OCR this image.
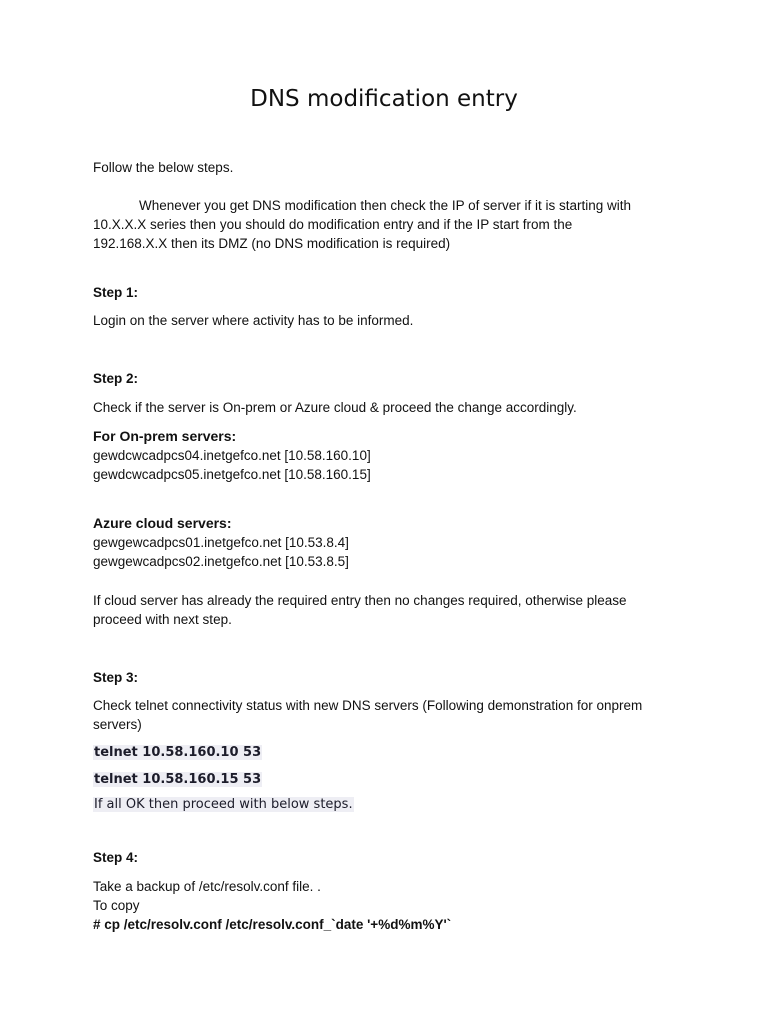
DNS modification entry
Follow the below steps.
Whenever you get DNS modification then check the IP of server if it is starting with
10.X.X.X series then you should do modification entry and if the IP start from the
192.168.X.X then its DMZ (no DNS modification is required)
Step 1:
Login on the server where activity has to be informed.
Step 2:
Check if the server is On-prem or Azure cloud & proceed the change accordingly.
For On-prem servers:
gewdcwcadpcs04.inetgefco.net [10.58.160.10]
gewdcwcadpcs05.inetgefco.net [10.58.160.15]
Azure cloud servers:
gewgewcadpcs01.inetgefco.net [10.53.8.4]
gewgewcadpcs02.inetgefco.net [10.53.8.5]
If cloud server has already the required entry then no changes required, otherwise please
proceed with next step.
Step 3:
Check telnet connectivity status with new DNS servers (Following demonstration for onprem
servers)
telnet 10.58.160.10 53
telnet 10.58.160.15 53
If all OK then proceed with below steps.
Step 4:
Take a backup of /etc/resolv.conf file. .
To copy
# cp /etc/resolv.conf /etc/resolv.conf_`date '+%d%m%Y'`
